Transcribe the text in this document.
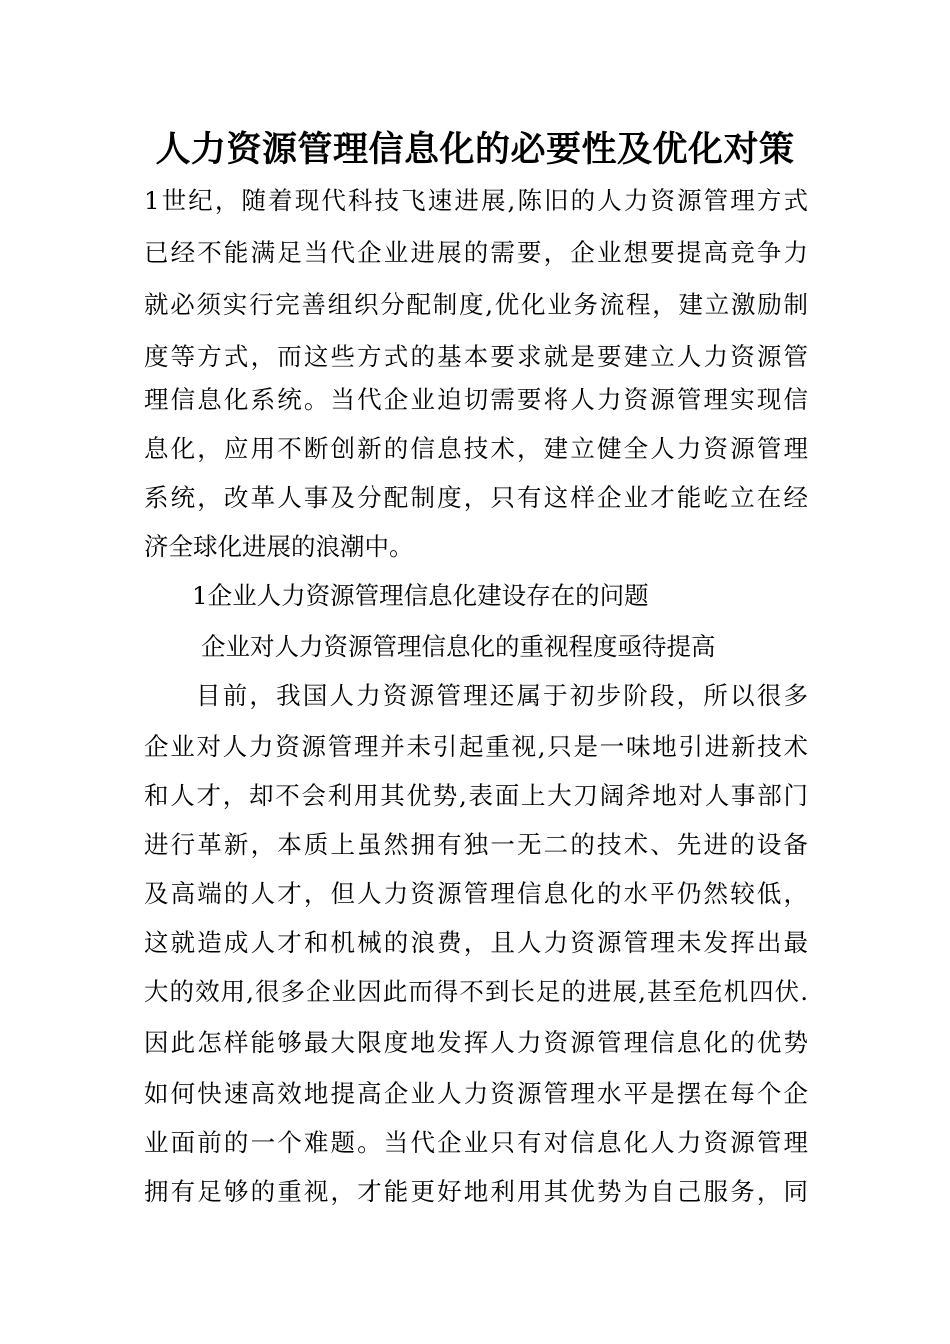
人力资源管理信息化的必要性及优化对策
1世纪，随着现代科技飞速进展,陈旧的人力资源管理方式
已经不能满足当代企业进展的需要，企业想要提高竞争力
就必须实行完善组织分配制度,优化业务流程，建立激励制
度等方式，而这些方式的基本要求就是要建立人力资源管
理信息化系统。当代企业迫切需要将人力资源管理实现信
息化，应用不断创新的信息技术，建立健全人力资源管理
系统，改革人事及分配制度，只有这样企业才能屹立在经
济全球化进展的浪潮中。
1企业人力资源管理信息化建设存在的问题
企业对人力资源管理信息化的重视程度亟待提高
目前，我国人力资源管理还属于初步阶段，所以很多
企业对人力资源管理并未引起重视,只是一味地引进新技术
和人才，却不会利用其优势,表面上大刀阔斧地对人事部门
进行革新，本质上虽然拥有独一无二的技术、先进的设备
及高端的人才，但人力资源管理信息化的水平仍然较低，
这就造成人才和机械的浪费，且人力资源管理未发挥出最
大的效用,很多企业因此而得不到长足的进展,甚至危机四伏.
因此怎样能够最大限度地发挥人力资源管理信息化的优势
如何快速高效地提高企业人力资源管理水平是摆在每个企
业面前的一个难题。当代企业只有对信息化人力资源管理
拥有足够的重视，才能更好地利用其优势为自己服务，同
